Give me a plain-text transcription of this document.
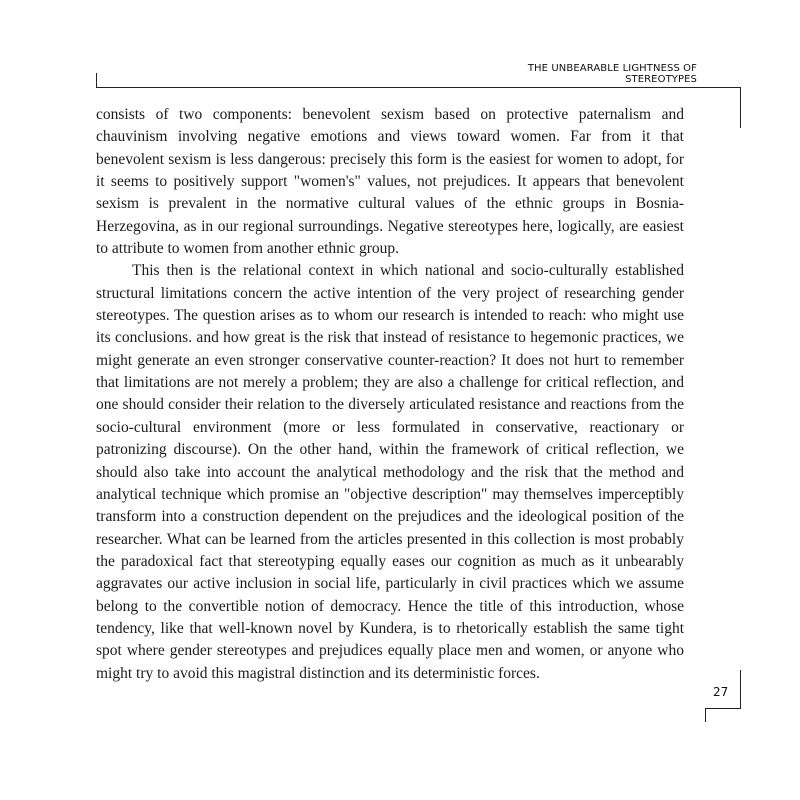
THE UNBEARABLE LIGHTNESS OF
STEREOTYPES

consists of two components: benevolent sexism based on protective paternalism and chauvinism involving negative emotions and views toward women. Far from it that benevolent sexism is less dangerous: precisely this form is the easiest for women to adopt, for it seems to positively support "women's" values, not prejudices. It appears that benevolent sexism is prevalent in the normative cultural values of the ethnic groups in Bosnia-Herzegovina, as in our regional surroundings. Negative stereotypes here, logically, are easiest to attribute to women from another ethnic group.

This then is the relational context in which national and socio-culturally established structural limitations concern the active intention of the very project of researching gender stereotypes. The question arises as to whom our research is intended to reach: who might use its conclusions. and how great is the risk that instead of resistance to hegemonic practices, we might generate an even stronger conservative counter-reaction? It does not hurt to remember that limitations are not merely a problem; they are also a challenge for critical reflection, and one should consider their relation to the diversely articulated resistance and reactions from the socio-cultural environment (more or less formulated in conservative, reactionary or patronizing discourse). On the other hand, within the framework of critical reflection, we should also take into account the analytical methodology and the risk that the method and analytical technique which promise an "objective description" may themselves imperceptibly transform into a construction dependent on the prejudices and the ideological position of the researcher. What can be learned from the articles presented in this collection is most probably the paradoxical fact that stereotyping equally eases our cognition as much as it unbearably aggravates our active inclusion in social life, particularly in civil practices which we assume belong to the convertible notion of democracy. Hence the title of this introduction, whose tendency, like that well-known novel by Kundera, is to rhetorically establish the same tight spot where gender stereotypes and prejudices equally place men and women, or anyone who might try to avoid this magistral distinction and its deterministic forces.

27
